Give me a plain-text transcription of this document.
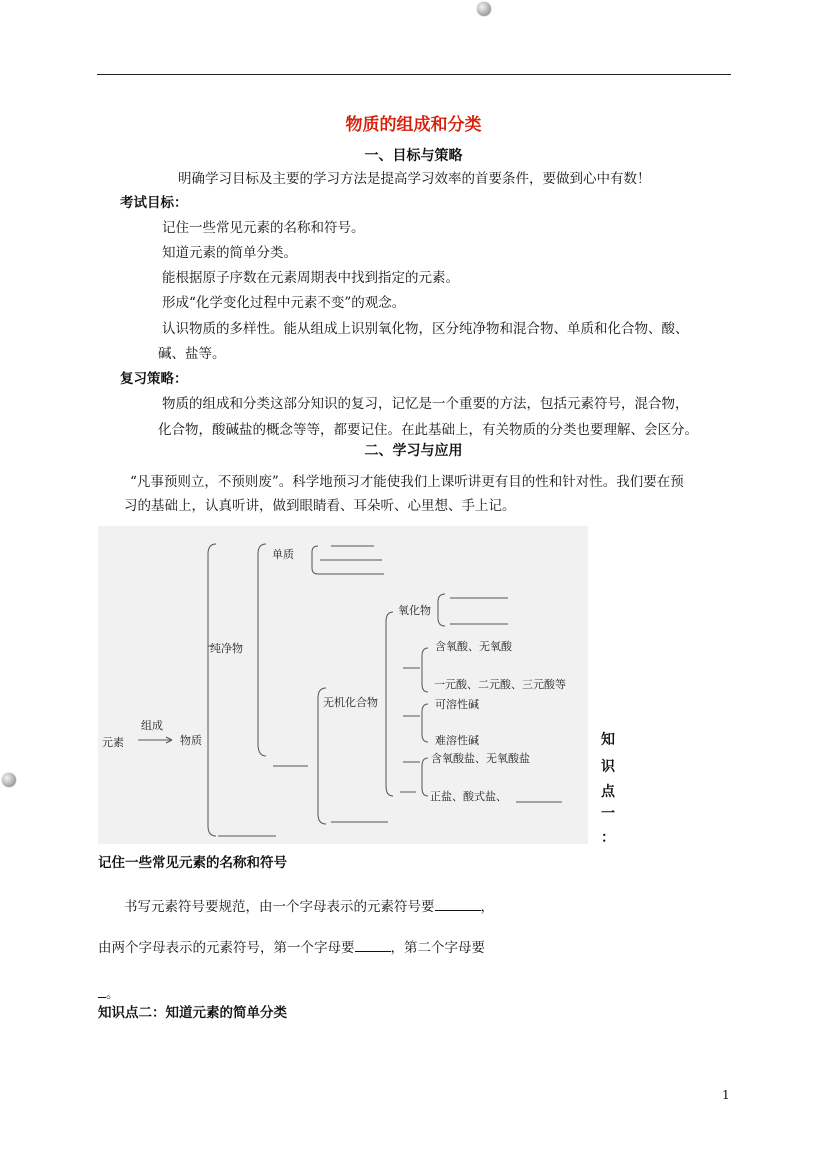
物质的组成和分类
一、目标与策略
明确学习目标及主要的学习方法是提高学习效率的首要条件，要做到心中有数！
考试目标：
记住一些常见元素的名称和符号。
知道元素的简单分类。
能根据原子序数在元素周期表中找到指定的元素。
形成“化学变化过程中元素不变”的观念。
认识物质的多样性。能从组成上识别氧化物，区分纯净物和混合物、单质和化合物、酸、
碱、盐等。
复习策略：
物质的组成和分类这部分知识的复习，记忆是一个重要的方法，包括元素符号，混合物，
化合物，酸碱盐的概念等等，都要记住。在此基础上，有关物质的分类也要理解、会区分。
二、学习与应用
“凡事预则立，不预则废”。科学地预习才能使我们上课听讲更有目的性和针对性。我们要在预
习的基础上，认真听讲，做到眼睛看、耳朵听、心里想、手上记。
元素
组成
物质
纯净物
单质
无机化合物
氧化物
含氧酸、无氧酸
一元酸、二元酸、三元酸等
可溶性碱
难溶性碱
含氧酸盐、无氧酸盐
正盐、酸式盐、
知
识
点
一
：
记住一些常见元素的名称和符号
书写元素符号要规范，由一个字母表示的元素符号要	，
由两个字母表示的元素符号，第一个字母要	，第二个字母要
。
知识点二：知道元素的简单分类
1
